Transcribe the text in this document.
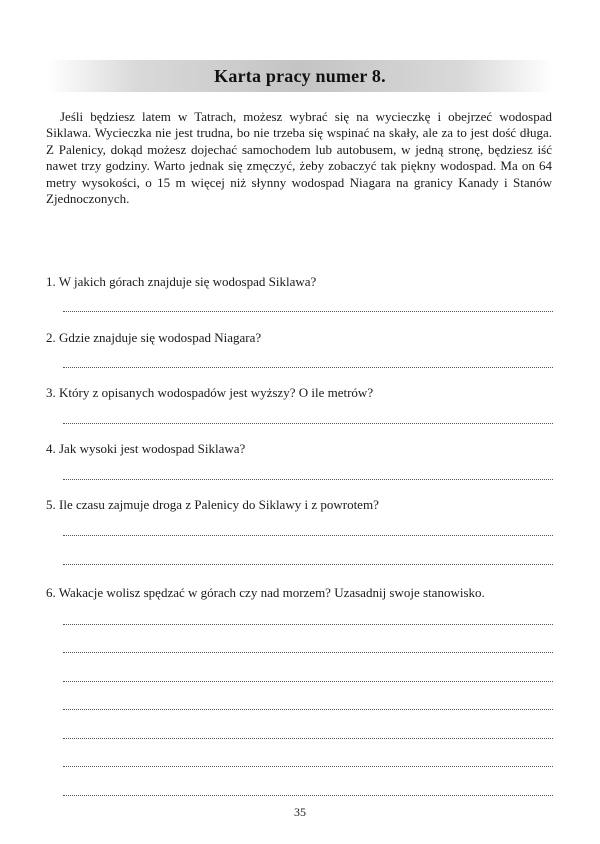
Karta pracy numer 8.

Jeśli będziesz latem w Tatrach, możesz wybrać się na wycieczkę i obejrzeć wodospad Siklawa. Wycieczka nie jest trudna, bo nie trzeba się wspinać na skały, ale za to jest dość długa. Z Palenicy, dokąd możesz dojechać samochodem lub autobusem, w jedną stronę, będziesz iść nawet trzy godziny. Warto jednak się zmęczyć, żeby zobaczyć tak piękny wodospad. Ma on 64 metry wysokości, o 15 m więcej niż słynny wodospad Niagara na granicy Kanady i Stanów Zjednoczonych.

1. W jakich górach znajduje się wodospad Siklawa?

2. Gdzie znajduje się wodospad Niagara?

3. Który z opisanych wodospadów jest wyższy? O ile metrów?

4. Jak wysoki jest wodospad Siklawa?

5. Ile czasu zajmuje droga z Palenicy do Siklawy i z powrotem?

6. Wakacje wolisz spędzać w górach czy nad morzem? Uzasadnij swoje stanowisko.

35
